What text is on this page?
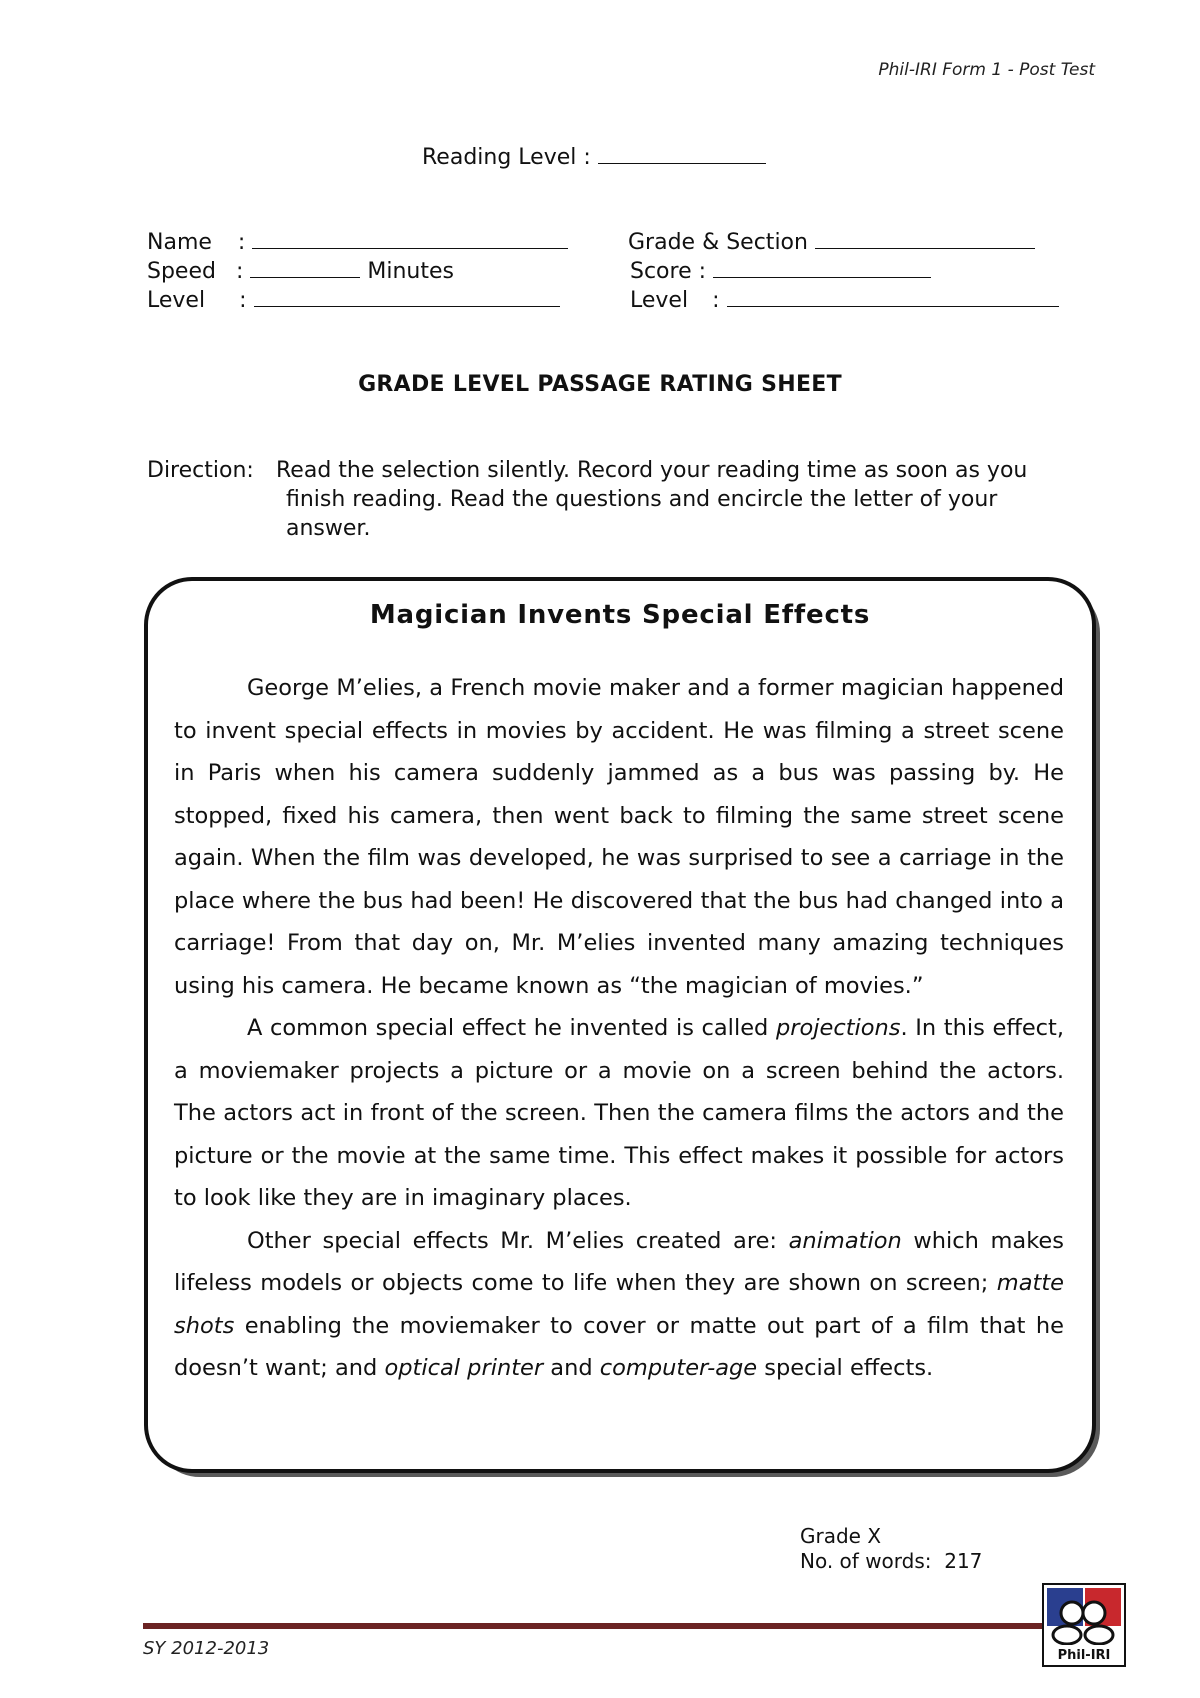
Phil-IRI Form 1 - Post Test
Reading Level :
Name :
Speed :	Minutes
Level :
Grade & Section
Score :
Level :
GRADE LEVEL PASSAGE RATING SHEET
Direction: Read the selection silently. Record your reading time as soon as you finish reading. Read the questions and encircle the letter of your answer.
Magician Invents Special Effects

George M’elies, a French movie maker and a former magician happened to invent special effects in movies by accident. He was filming a street scene in Paris when his camera suddenly jammed as a bus was passing by. He stopped, fixed his camera, then went back to filming the same street scene again. When the film was developed, he was surprised to see a carriage in the place where the bus had been! He discovered that the bus had changed into a carriage! From that day on, Mr. M’elies invented many amazing techniques using his camera. He became known as “the magician of movies.”

A common special effect he invented is called projections. In this effect, a moviemaker projects a picture or a movie on a screen behind the actors. The actors act in front of the screen. Then the camera films the actors and the picture or the movie at the same time. This effect makes it possible for actors to look like they are in imaginary places.

Other special effects Mr. M’elies created are: animation which makes lifeless models or objects come to life when they are shown on screen; matte shots enabling the moviemaker to cover or matte out part of a film that he doesn’t want; and optical printer and computer-age special effects.

Grade X
No. of words: 217
SY 2012-2013	Phil-IRI
